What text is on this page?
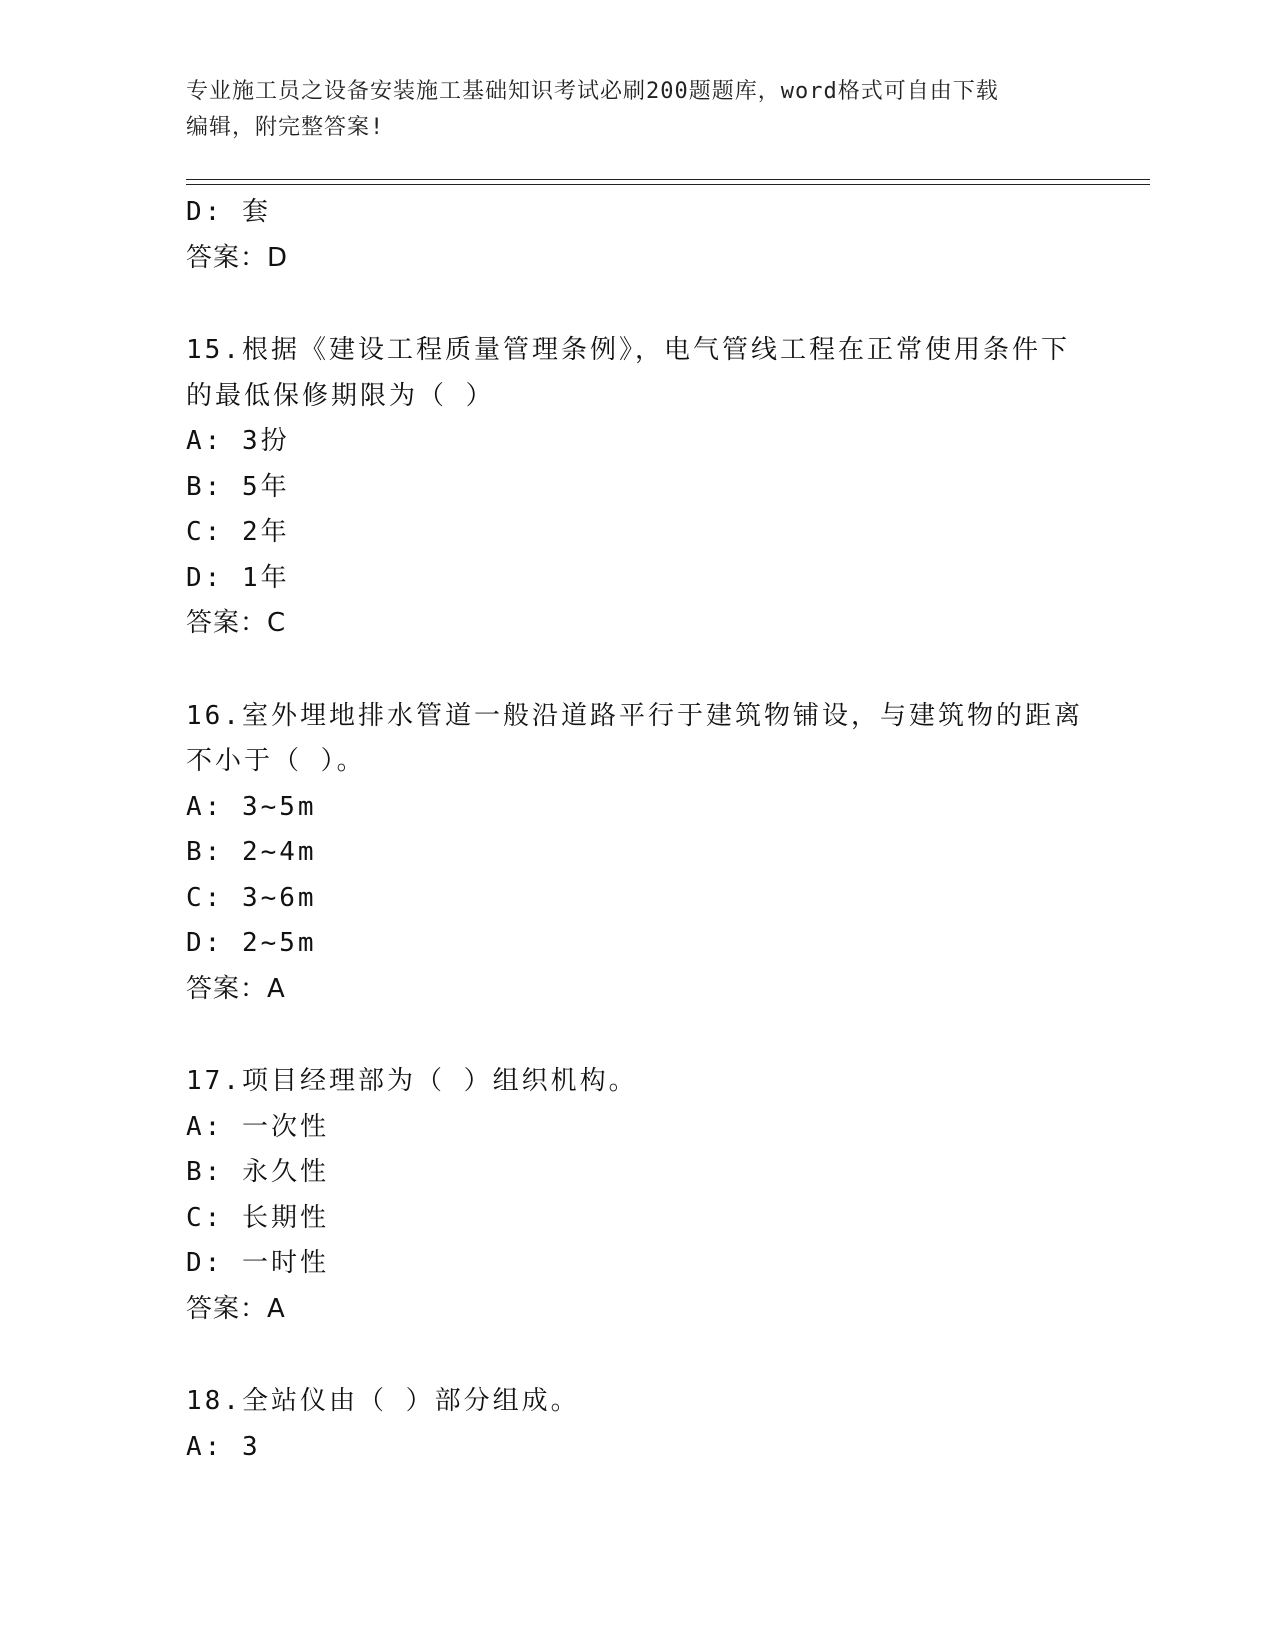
专业施工员之设备安装施工基础知识考试必刷200题题库，word格式可自由下载
编辑，附完整答案!
D: 套
答案：D
15.根据《建设工程质量管理条例》，电气管线工程在正常使用条件下
的最低保修期限为（ ）
A: 3扮
B: 5年
C: 2年
D: 1年
答案：C
16.室外埋地排水管道一般沿道路平行于建筑物铺设，与建筑物的距离
不小于（ ）。
A: 3~5m
B: 2~4m
C: 3~6m
D: 2~5m
答案：A
17.项目经理部为（ ）组织机构。
A: 一次性
B: 永久性
C: 长期性
D: 一时性
答案：A
18.全站仪由（ ）部分组成。
A: 3
